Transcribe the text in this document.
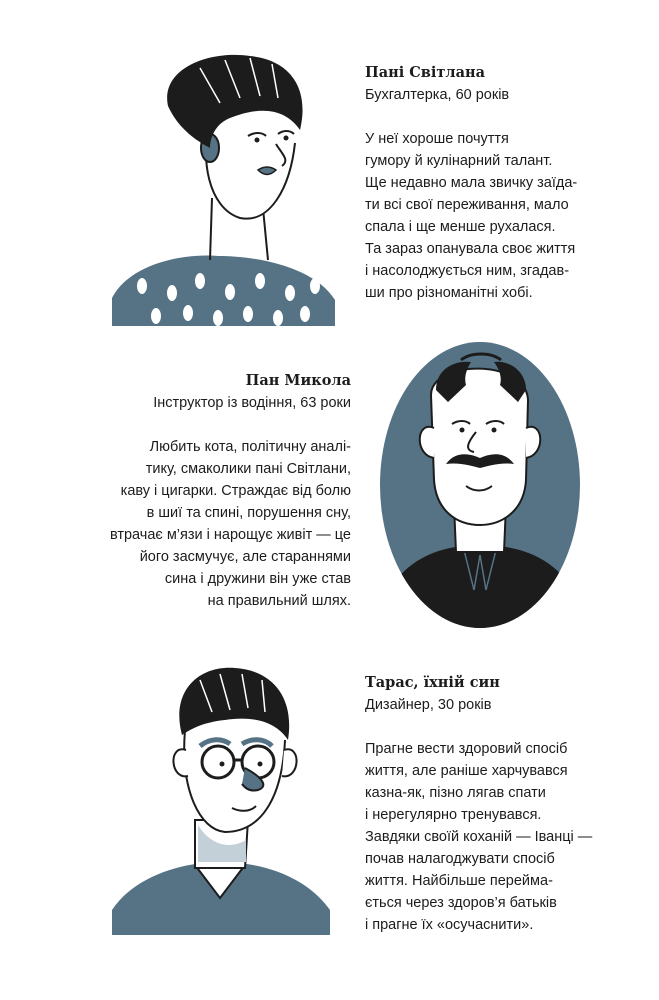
Пані Світлана
Бухгалтерка, 60 років
У неї хороше почуття
гумору й кулінарний талант.
Ще недавно мала звичку заїда-
ти всі свої переживання, мало
спала і ще менше рухалася.
Та зараз опанувала своє життя
і насолоджується ним, згадав-
ши про різноманітні хобі.
Пан Микола
Інструктор із водіння, 63 роки
Любить кота, політичну аналі-
тику, смаколики пані Світлани,
каву і цигарки. Страждає від болю
в шиї та спині, порушення сну,
втрачає м’язи і нарощує живіт — це
його засмучує, але стараннями
сина і дружини він уже став
на правильний шлях.
Тарас, їхній син
Дизайнер, 30 років
Прагне вести здоровий спосіб
життя, але раніше харчувався
казна-як, пізно лягав спати
і нерегулярно тренувався.
Завдяки своїй коханій — Іванці —
почав налагоджувати спосіб
життя. Найбільше перейма-
ється через здоров’я батьків
і прагне їх «осучаснити».
